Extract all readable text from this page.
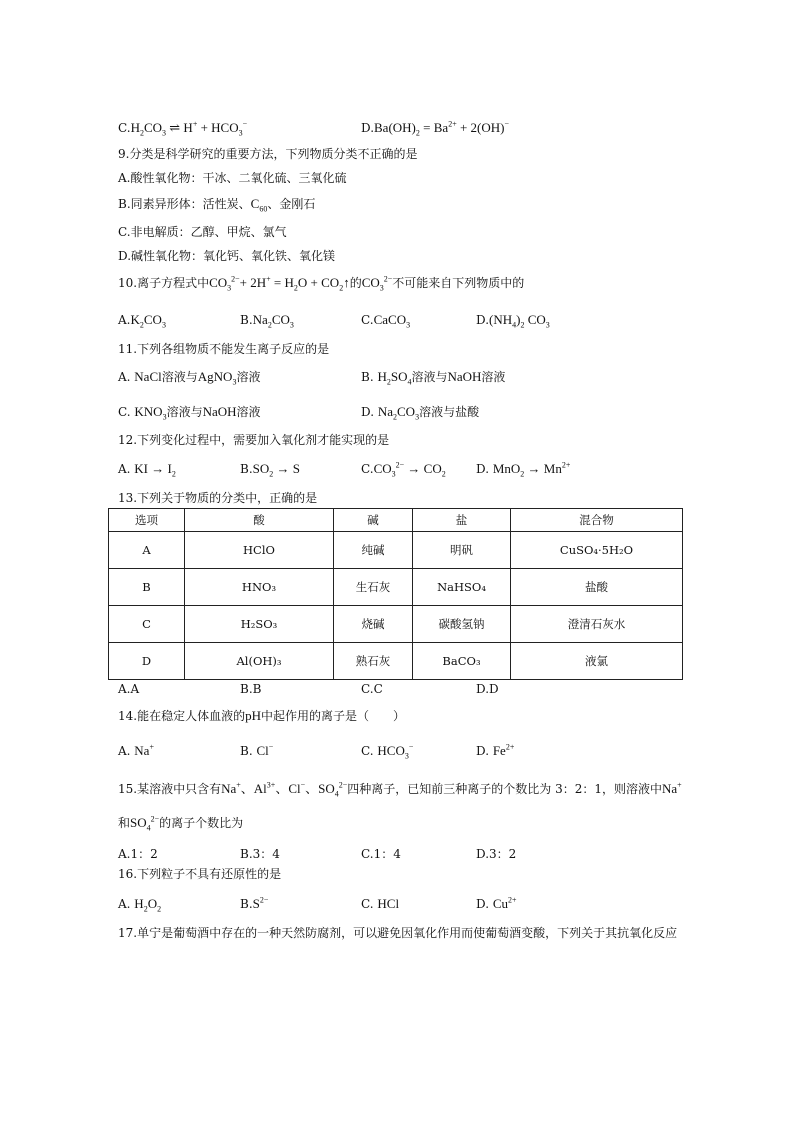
$C.H_2CO_3$ ⇌ $H^+ + HCO_3^-$	$D.Ba(OH)_2 = Ba^{2+} + 2(OH)^-$
9.分类是科学研究的重要方法，下列物质分类不正确的是
A.酸性氧化物：干冰、二氧化硫、三氧化硫
B.同素异形体：活性炭、$C_{60}$、金刚石
C.非电解质：乙醇、甲烷、氯气
D.碱性氧化物：氧化钙、氧化铁、氧化镁
10.离子方程式中$CO_3^{2-}+ 2H^+ = H_2O$ + $CO_2↑$的$CO_3^{2-}$不可能来自下列物质中的
$A.K_2CO_3$	$B.Na_2CO_3$	C.CaCO$_3$	$D.(NH_4)_2$ $CO_3$
11.下列各组物质不能发生离子反应的是
A. NaCl溶液与AgNO$_3$溶液	B. $H_2SO_4$溶液与NaOH溶液
C. $KNO_3$溶液与NaOH溶液	D. $Na_2CO_3$溶液与盐酸
12.下列变化过程中，需要加入氧化剂才能实现的是
A. KI → $I_2$	$B.SO_2 \to S$	$C.CO_3^{2-} \to CO_2$	D. $MnO_2 \to Mn^{2+}$
13.下列关于物质的分类中，正确的是
选项	酸	碱	盐	混合物
A	HClO	纯碱	明矾	CuSO₄·5H₂O
B	HNO₃	生石灰	NaHSO₄	盐酸
C	H₂SO₃	烧碱	碳酸氢钠	澄清石灰水
D	Al(OH)₃	熟石灰	BaCO₃	液氯
A.A	B.B	C.C	D.D
14.能在稳定人体血液的pH中起作用的离子是（　　）
A. Na+	B. Cl−	C. $HCO_3^-$	D. $Fe^{2+}$
15.某溶液中只含有Na+、$Al^{3+}$、Cl−、$SO_4^{2-}$四种离子，已知前三种离子的个数比为 3：2：1，则溶液中Na+
和$SO_4^{2-}$的离子个数比为
A.1：2	B.3：4	C.1：4	D.3：2
16.下列粒子不具有还原性的是
A. $H_2O_2$	$B.S^{2-}$	C. HCl	D. $Cu^{2+}$
17.单宁是葡萄酒中存在的一种天然防腐剂，可以避免因氧化作用而使葡萄酒变酸，下列关于其抗氧化反应
